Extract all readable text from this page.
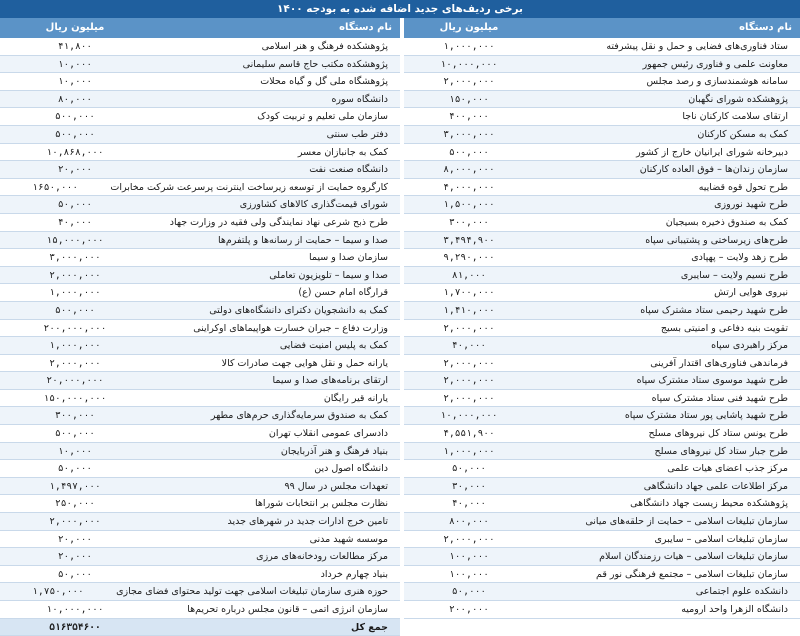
برخی ردیف‌های جدید اضافه شده به بودجه ۱۴۰۰
نام دستگاه
میلیون ریال
ستاد فناوری‌های فضایی و حمل و نقل پیشرفته
۱,۰۰۰,۰۰۰
معاونت علمی و فناوری رئیس جمهور
۱۰,۰۰۰,۰۰۰
سامانه هوشمندسازی و رصد مجلس
۲,۰۰۰,۰۰۰
پژوهشکده شورای نگهبان
۱۵۰,۰۰۰
ارتقای سلامت کارکنان ناجا
۴۰۰,۰۰۰
کمک به مسکن کارکنان
۳,۰۰۰,۰۰۰
دبیرخانه شورای ایرانیان خارج از کشور
۵۰۰,۰۰۰
سازمان زندان‌ها – فوق العاده کارکنان
۸,۰۰۰,۰۰۰
طرح تحول قوه قضاییه
۴,۰۰۰,۰۰۰
طرح شهید نوروزی
۱,۵۰۰,۰۰۰
کمک به صندوق ذخیره بسیجیان
۳۰۰,۰۰۰
طرح‌های زیرساختی و پشتیبانی سپاه
۳,۴۹۴,۹۰۰
طرح زهد ولایت – پهپادی
۹,۲۹۰,۰۰۰
طرح نسیم ولایت – سایبری
۸۱,۰۰۰
نیروی هوایی ارتش
۱,۷۰۰,۰۰۰
طرح شهید رحیمی ستاد مشترک سپاه
۱,۴۱۰,۰۰۰
تقویت بنیه دفاعی و امنیتی بسیج
۲,۰۰۰,۰۰۰
مرکز راهبردی سپاه
۴۰,۰۰۰
فرماندهی فناوری‌های اقتدار آفرینی
۲,۰۰۰,۰۰۰
طرح شهید موسوی ستاد مشترک سپاه
۲,۰۰۰,۰۰۰
طرح شهید فنی ستاد مشترک سپاه
۲,۰۰۰,۰۰۰
طرح شهید پاشایی پور ستاد مشترک سپاه
۱۰,۰۰۰,۰۰۰
طرح یونس ستاد کل نیروهای مسلح
۴,۵۵۱,۹۰۰
طرح جبار ستاد کل نیروهای مسلح
۱,۰۰۰,۰۰۰
مرکز جذب اعضای هیات علمی
۵۰,۰۰۰
مرکز اطلاعات علمی جهاد دانشگاهی
۳۰,۰۰۰
پژوهشکده محیط زیست جهاد دانشگاهی
۴۰,۰۰۰
سازمان تبلیغات اسلامی – حمایت از حلقه‌های میانی
۸۰۰,۰۰۰
سازمان تبلیغات اسلامی – سایبری
۲,۰۰۰,۰۰۰
سازمان تبلیغات اسلامی – هیات رزمندگان اسلام
۱۰۰,۰۰۰
سازمان تبلیغات اسلامی – مجتمع فرهنگی نور قم
۱۰۰,۰۰۰
دانشکده علوم اجتماعی
۵۰,۰۰۰
دانشگاه الزهرا واحد ارومیه
۲۰۰,۰۰۰
نام دستگاه
میلیون ریال
پژوهشکده فرهنگ و هنر اسلامی
۴۱,۸۰۰
پژوهشکده مکتب حاج قاسم سلیمانی
۱۰,۰۰۰
پژوهشگاه ملی گل و گیاه محلات
۱۰,۰۰۰
دانشگاه سوره
۸۰,۰۰۰
سازمان ملی تعلیم و تربیت کودک
۵۰۰,۰۰۰
دفتر طب سنتی
۵۰۰,۰۰۰
کمک به جانبازان معسر
۱۰,۸۶۸,۰۰۰
دانشگاه صنعت نفت
۲۰,۰۰۰
کارگروه حمایت از توسعه زیرساخت اینترنت پرسرعت شرکت مخابرات
۱۶۵۰,۰۰۰
شورای قیمت‌گذاری کالاهای کشاورزی
۵۰,۰۰۰
طرح ذبح شرعی نهاد نمایندگی ولی فقیه در وزارت جهاد
۴۰,۰۰۰
صدا و سیما – حمایت از رسانه‌ها و پلتفرم‌ها
۱۵,۰۰۰,۰۰۰
سازمان صدا و سیما
۳,۰۰۰,۰۰۰
صدا و سیما – تلویزیون تعاملی
۲,۰۰۰,۰۰۰
قرارگاه امام حسن (ع)
۱,۰۰۰,۰۰۰
کمک به دانشجویان دکترای دانشگاه‌های دولتی
۵۰۰,۰۰۰
وزارت دفاع – جبران خسارت هواپیماهای اوکراینی
۲۰۰,۰۰۰,۰۰۰
کمک به پلیس امنیت فضایی
۱,۰۰۰,۰۰۰
یارانه حمل و نقل هوایی جهت صادرات کالا
۲,۰۰۰,۰۰۰
ارتقای برنامه‌های صدا و سیما
۲۰,۰۰۰,۰۰۰
یارانه قیر رایگان
۱۵۰,۰۰۰,۰۰۰
کمک به صندوق سرمایه‌گذاری حرم‌های مطهر
۳۰۰,۰۰۰
دادسرای عمومی انقلاب تهران
۵۰۰,۰۰۰
بنیاد فرهنگ و هنر آذربایجان
۱۰,۰۰۰
دانشگاه اصول دین
۵۰,۰۰۰
تعهدات مجلس در سال ۹۹
۱,۴۹۷,۰۰۰
نظارت مجلس بر انتخابات شوراها
۲۵۰,۰۰۰
تامین خرج ادارات جدید در شهرهای جدید
۲,۰۰۰,۰۰۰
موسسه شهید مدنی
۲۰,۰۰۰
مرکز مطالعات رودخانه‌های مرزی
۲۰,۰۰۰
بنیاد چهارم خرداد
۵۰,۰۰۰
حوزه هنری سازمان تبلیغات اسلامی جهت تولید محتوای فضای مجازی
۱,۷۵۰,۰۰۰
سازمان انرژی اتمی – قانون مجلس درباره تحریم‌ها
۱۰,۰۰۰,۰۰۰
جمع کل
۵۱۶۳۵۴۶۰۰
